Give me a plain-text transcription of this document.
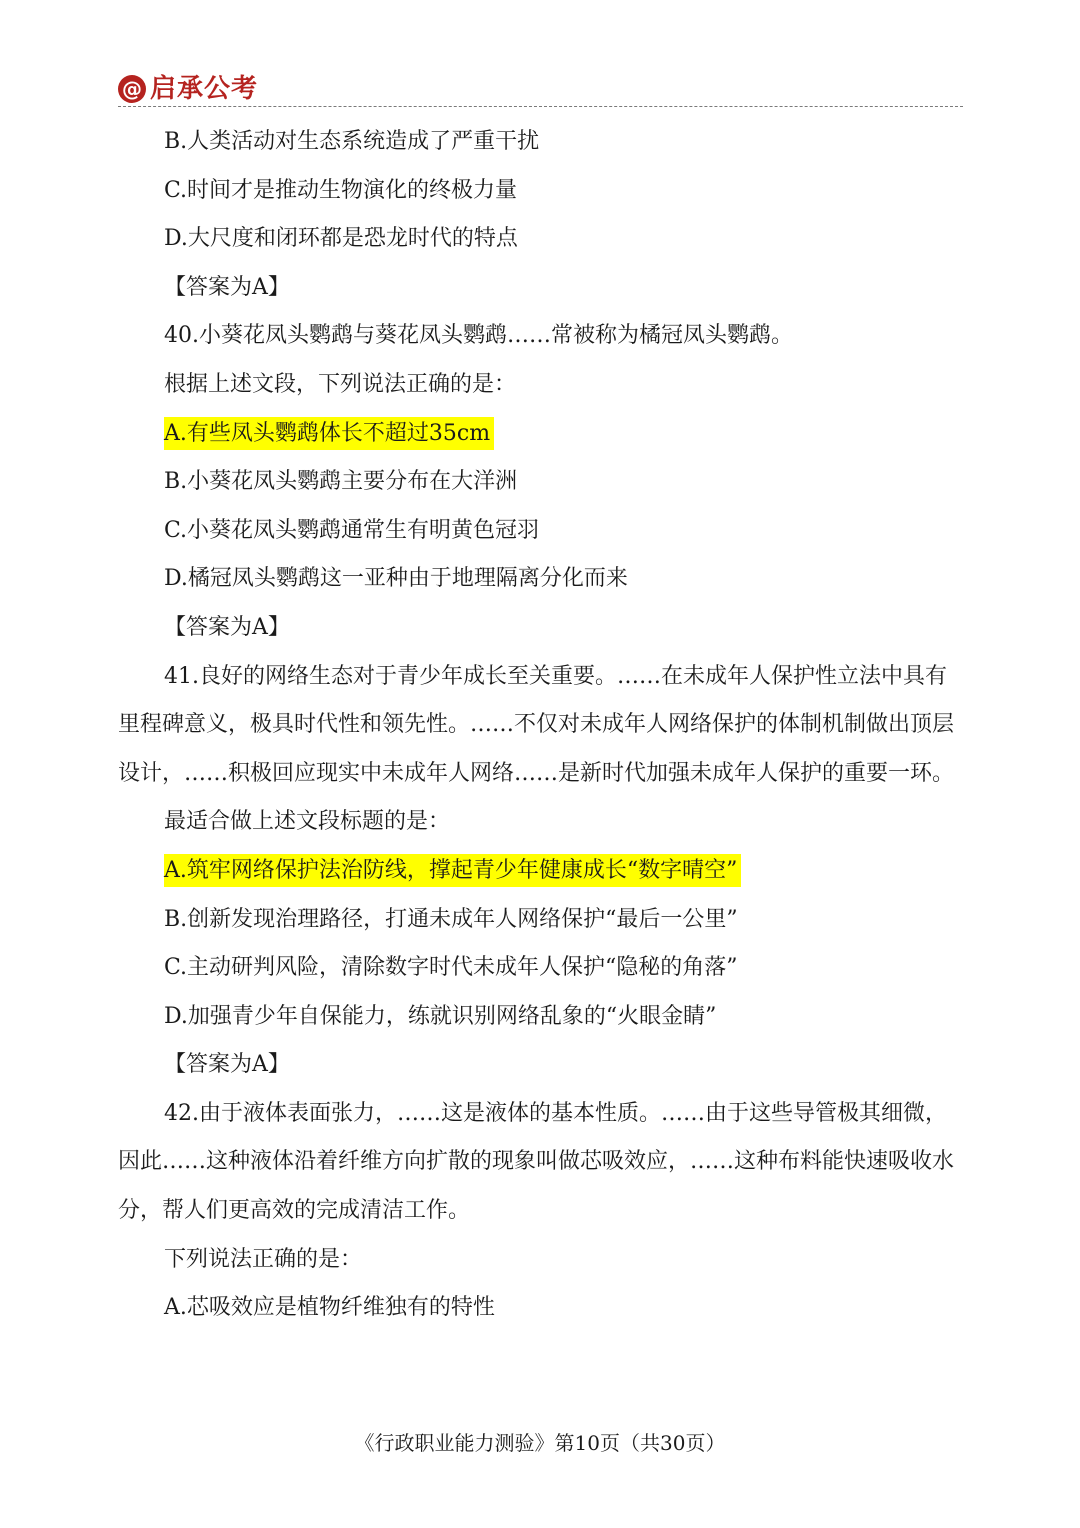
@ 启承公考

B.人类活动对生态系统造成了严重干扰

C.时间才是推动生物演化的终极力量

D.大尺度和闭环都是恐龙时代的特点

【答案为A】

40.小葵花凤头鹦鹉与葵花凤头鹦鹉……常被称为橘冠凤头鹦鹉。

根据上述文段，下列说法正确的是：

A.有些凤头鹦鹉体长不超过35cm

B.小葵花凤头鹦鹉主要分布在大洋洲

C.小葵花凤头鹦鹉通常生有明黄色冠羽

D.橘冠凤头鹦鹉这一亚种由于地理隔离分化而来

【答案为A】

41.良好的网络生态对于青少年成长至关重要。……在未成年人保护性立法中具有里程碑意义，极具时代性和领先性。……不仅对未成年人网络保护的体制机制做出顶层设计，……积极回应现实中未成年人网络……是新时代加强未成年人保护的重要一环。

最适合做上述文段标题的是：

A.筑牢网络保护法治防线，撑起青少年健康成长“数字晴空”

B.创新发现治理路径，打通未成年人网络保护“最后一公里”

C.主动研判风险，清除数字时代未成年人保护“隐秘的角落”

D.加强青少年自保能力，练就识别网络乱象的“火眼金睛”

【答案为A】

42.由于液体表面张力，……这是液体的基本性质。……由于这些导管极其细微，因此……这种液体沿着纤维方向扩散的现象叫做芯吸效应，……这种布料能快速吸收水分，帮人们更高效的完成清洁工作。

下列说法正确的是：

A.芯吸效应是植物纤维独有的特性

《行政职业能力测验》第10页（共30页）
